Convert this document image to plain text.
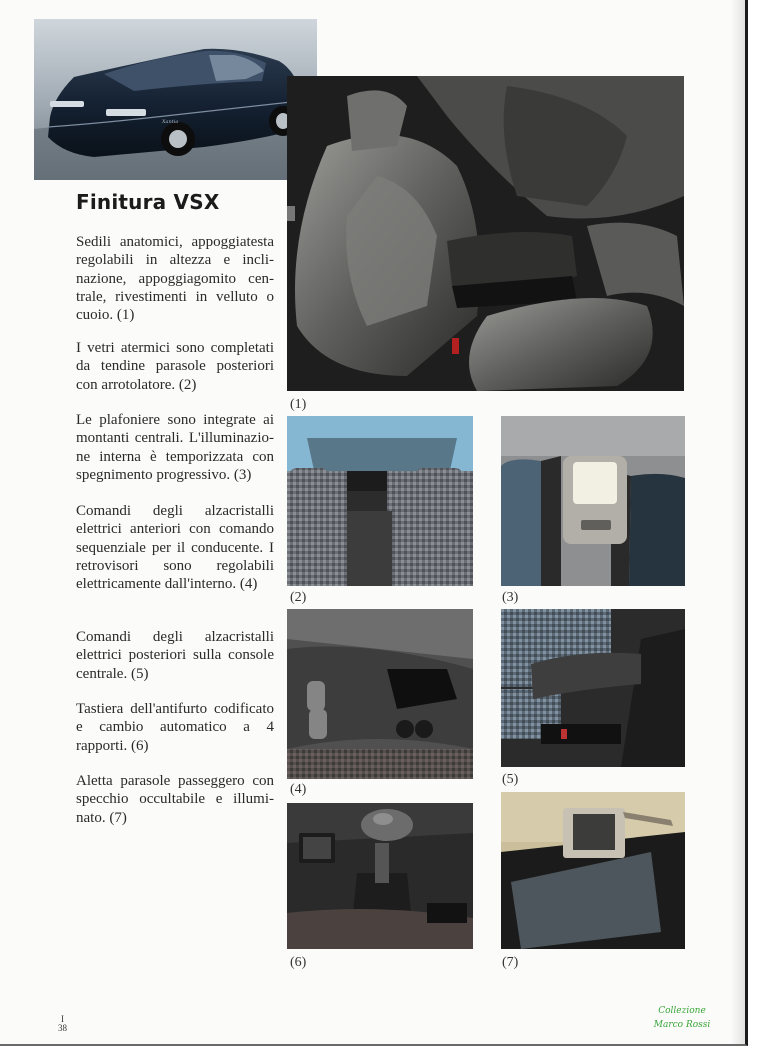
Xantia
(1)
Finitura VSX

Sedili anatomici, appoggiatesta regolabili in altezza e inclinazione, appoggiagomito centrale, rivestimenti in velluto o cuoio. (1)

I vetri atermici sono completati da tendine parasole posteriori con arrotolatore. (2)

Le plafoniere sono integrate ai montanti centrali. L'illuminazione interna è temporizzata con spegnimento progressivo. (3)

Comandi degli alzacristalli elettrici anteriori con comando sequenziale per il conducente. I retrovisori sono regolabili elettricamente dall'interno. (4)

Comandi degli alzacristalli elettrici posteriori sulla console centrale. (5)

Tastiera dell'antifurto codificato e cambio automatico a 4 rapporti. (6)

Aletta parasole passeggero con specchio occultabile e illuminato. (7)

(2)	(3)
(4)
(5)
(6)	(7)
I
38
Collezione
Marco Rossi
